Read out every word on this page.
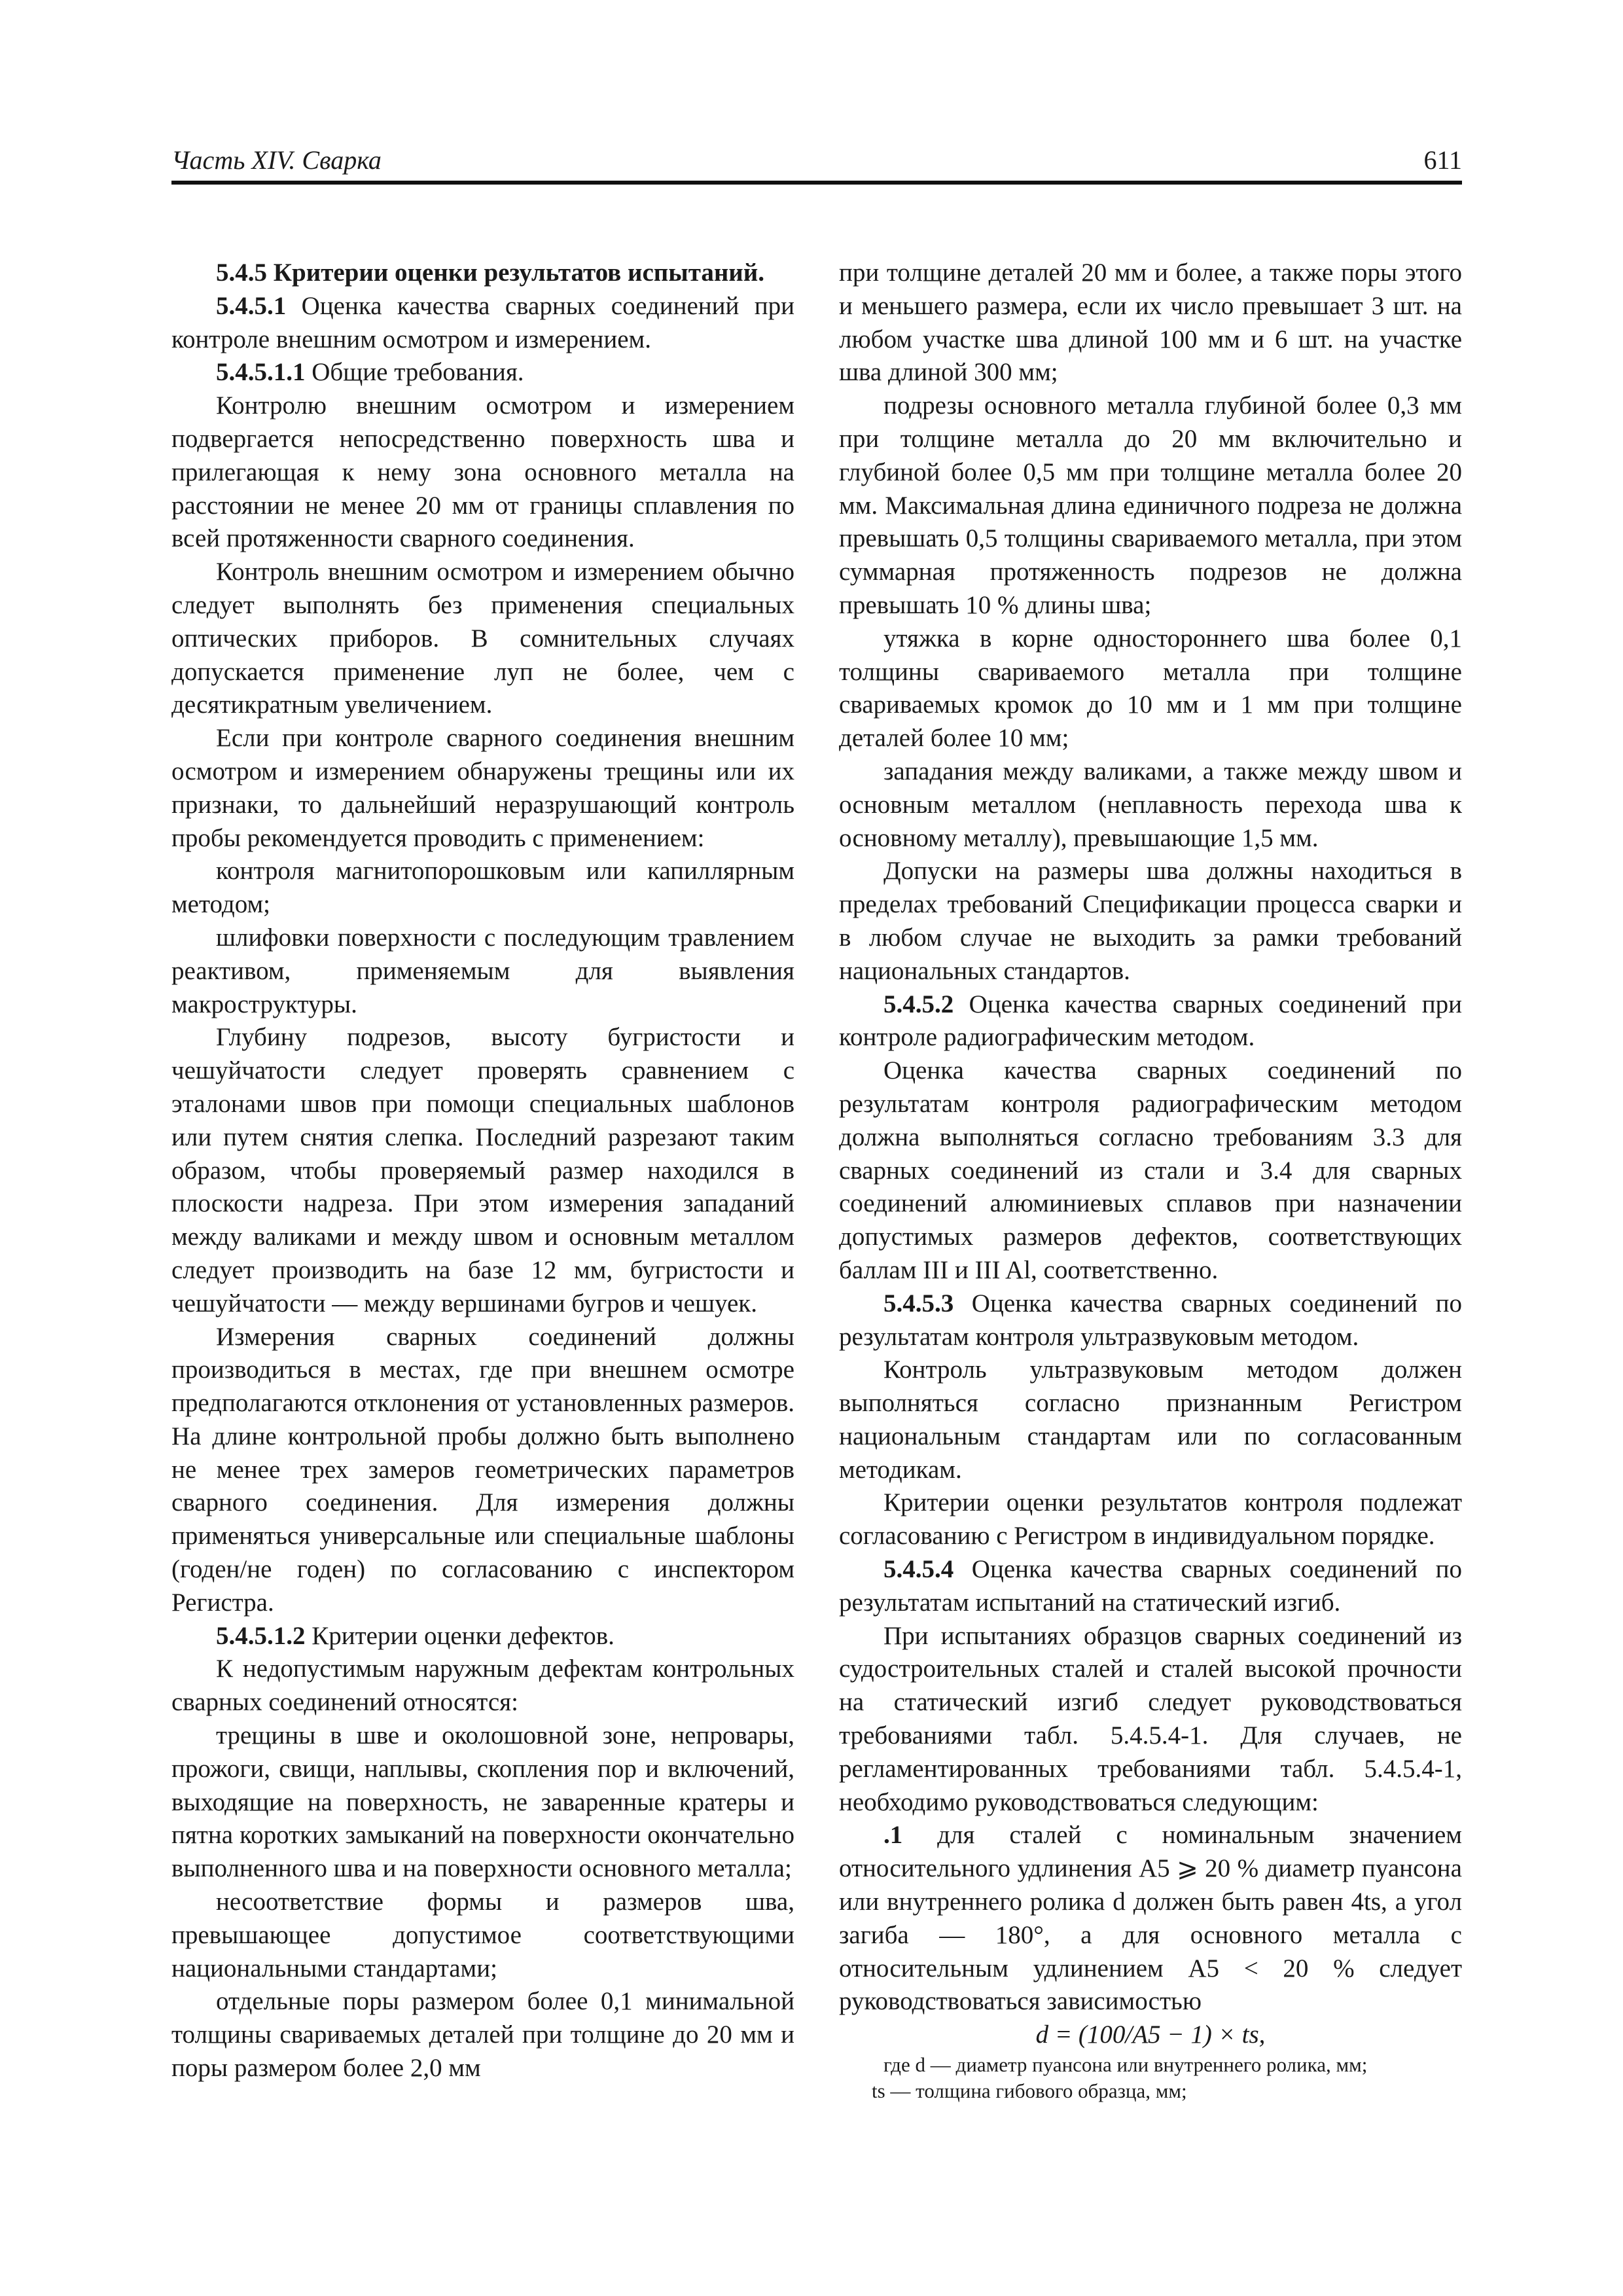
Часть XIV. Сварка	611

5.4.5 Критерии оценки результатов испытаний.

5.4.5.1 Оценка качества сварных соединений при контроле внешним осмотром и измерением.

5.4.5.1.1 Общие требования.

Контролю внешним осмотром и измерением подвергается непосредственно поверхность шва и прилегающая к нему зона основного металла на расстоянии не менее 20 мм от границы сплавления по всей протяженности сварного соединения.

Контроль внешним осмотром и измерением обычно следует выполнять без применения специальных оптических приборов. В сомнительных случаях допускается применение луп не более, чем с десятикратным увеличением.

Если при контроле сварного соединения внешним осмотром и измерением обнаружены трещины или их признаки, то дальнейший неразрушающий контроль пробы рекомендуется проводить с применением:

контроля магнитопорошковым или капиллярным методом;

шлифовки поверхности с последующим травлением реактивом, применяемым для выявления макроструктуры.

Глубину подрезов, высоту бугристости и чешуйчатости следует проверять сравнением с эталонами швов при помощи специальных шаблонов или путем снятия слепка. Последний разрезают таким образом, чтобы проверяемый размер находился в плоскости надреза. При этом измерения западаний между валиками и между швом и основным металлом следует производить на базе 12 мм, бугристости и чешуйчатости — между вершинами бугров и чешуек.

Измерения сварных соединений должны производиться в местах, где при внешнем осмотре предполагаются отклонения от установленных размеров. На длине контрольной пробы должно быть выполнено не менее трех замеров геометрических параметров сварного соединения. Для измерения должны применяться универсальные или специальные шаблоны (годен/не годен) по согласованию с инспектором Регистра.

5.4.5.1.2 Критерии оценки дефектов.

К недопустимым наружным дефектам контрольных сварных соединений относятся:

трещины в шве и околошовной зоне, непровары, прожоги, свищи, наплывы, скопления пор и включений, выходящие на поверхность, не заваренные кратеры и пятна коротких замыканий на поверхности окончательно выполненного шва и на поверхности основного металла;

несоответствие формы и размеров шва, превышающее допустимое соответствующими национальными стандартами;

отдельные поры размером более 0,1 минимальной толщины свариваемых деталей при толщине до 20 мм и поры размером более 2,0 мм

при толщине деталей 20 мм и более, а также поры этого и меньшего размера, если их число превышает 3 шт. на любом участке шва длиной 100 мм и 6 шт. на участке шва длиной 300 мм;

подрезы основного металла глубиной более 0,3 мм при толщине металла до 20 мм включительно и глубиной более 0,5 мм при толщине металла более 20 мм. Максимальная длина единичного подреза не должна превышать 0,5 толщины свариваемого металла, при этом суммарная протяженность подрезов не должна превышать 10 % длины шва;

утяжка в корне одностороннего шва более 0,1 толщины свариваемого металла при толщине свариваемых кромок до 10 мм и 1 мм при толщине деталей более 10 мм;

западания между валиками, а также между швом и основным металлом (неплавность перехода шва к основному металлу), превышающие 1,5 мм.

Допуски на размеры шва должны находиться в пределах требований Спецификации процесса сварки и в любом случае не выходить за рамки требований национальных стандартов.

5.4.5.2 Оценка качества сварных соединений при контроле радиографическим методом.

Оценка качества сварных соединений по результатам контроля радиографическим методом должна выполняться согласно требованиям 3.3 для сварных соединений из стали и 3.4 для сварных соединений алюминиевых сплавов при назначении допустимых размеров дефектов, соответствующих баллам III и III Al, соответственно.

5.4.5.3 Оценка качества сварных соединений по результатам контроля ультразвуковым методом.

Контроль ультразвуковым методом должен выполняться согласно признанным Регистром национальным стандартам или по согласованным методикам.

Критерии оценки результатов контроля подлежат согласованию с Регистром в индивидуальном порядке.

5.4.5.4 Оценка качества сварных соединений по результатам испытаний на статический изгиб.

При испытаниях образцов сварных соединений из судостроительных сталей и сталей высокой прочности на статический изгиб следует руководствоваться требованиями табл. 5.4.5.4-1. Для случаев, не регламентированных требованиями табл. 5.4.5.4-1, необходимо руководствоваться следующим:

.1 для сталей с номинальным значением относительного удлинения A5 ⩾ 20 % диаметр пуансона или внутреннего ролика d должен быть равен 4ts, а угол загиба — 180°, а для основного металла с относительным удлинением A5 < 20 % следует руководствоваться зависимостью

d = (100/A5 − 1) × ts,

где d — диаметр пуансона или внутреннего ролика, мм;

ts — толщина гибового образца, мм;
